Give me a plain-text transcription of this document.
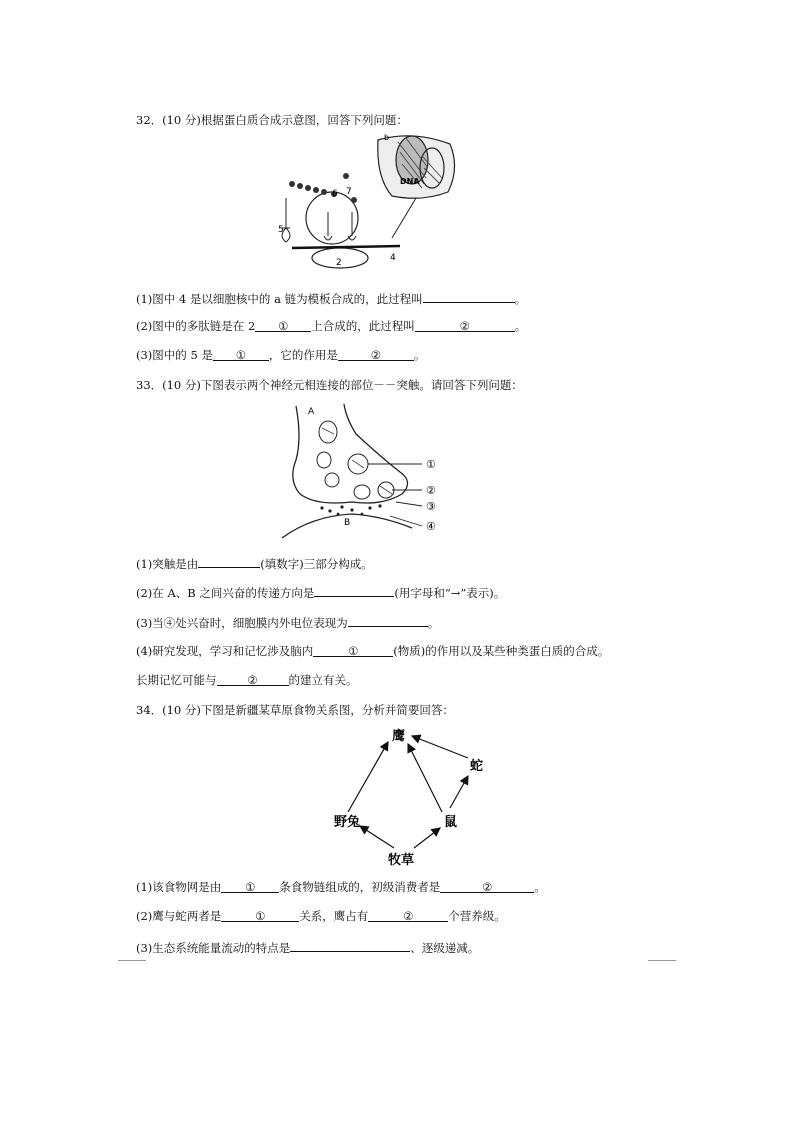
32．(10 分)根据蛋白质合成示意图，回答下列问题：
DNA
b
5
6 7
2	4
(1)图中 4 是以细胞核中的 a 链为模板合成的，此过程叫	。
(2)图中的多肽链是在 2 ① 上合成的，此过程叫	②	。
(3)图中的 5 是 ① ，它的作用是	②	。
33．(10 分)下图表示两个神经元相连接的部位－－突触。请回答下列问题：
A
B
①
②
③
④
(1)突触是由	(填数字)三部分构成。
(2)在 A、B 之间兴奋的传递方向是	(用字母和“→”表示)。
(3)当④处兴奋时，细胞膜内外电位表现为	。
(4)研究发现，学习和记忆涉及脑内	①	(物质)的作用以及某些种类蛋白质的合成。
长期记忆可能与	②	的建立有关。
34．(10 分)下图是新疆某草原食物关系图，分析并简要回答：
鹰
蛇
野兔	鼠
牧草
(1)该食物网是由 ① 条食物链组成的，初级消费者是	②	。
(2)鹰与蛇两者是	①	关系，鹰占有	②	个营养级。
(3)生态系统能量流动的特点是	、逐级递减。
